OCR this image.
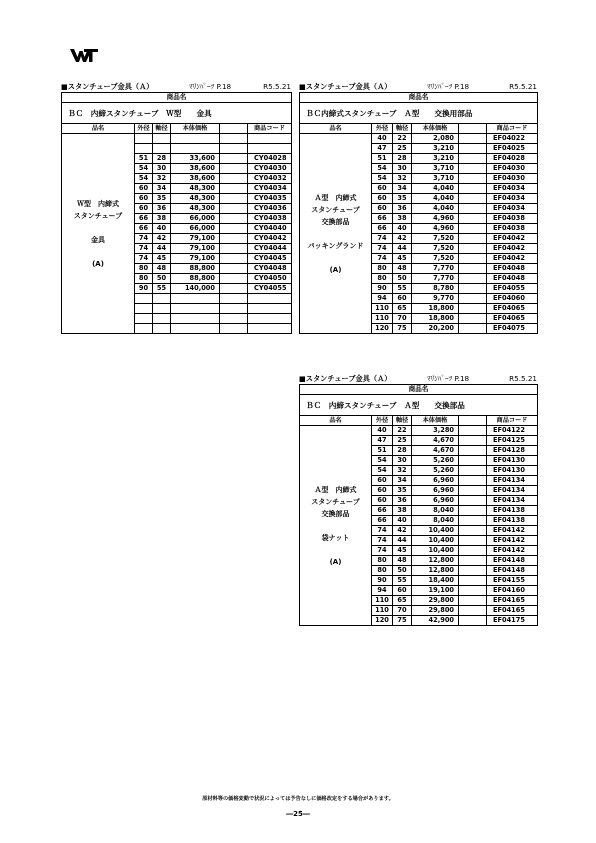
■スタンチューブ金具（Ａ）	ﾏﾘﾝﾊﾟｰﾂ P.18	R5.5.21
商品名					
ＢＣ　内締スタンチューブ　Ｗ型　　金具					
品名	外径	軸径	本体価格		商品コード

Ｗ型　内締式
スタンチューブ
金具
(A)					

	51	28	33,600		CY04028
	54	30	38,600		CY04030
	54	32	38,600		CY04032
	60	34	48,300		CY04034
	60	35	48,300		CY04035
	60	36	48,300		CY04036
	66	38	66,000		CY04038
	66	40	66,000		CY04040
	74	42	79,100		CY04042
	74	44	79,100		CY04044
	74	45	79,100		CY04045
	80	48	88,800		CY04048
	80	50	88,800		CY04050
	90	55	140,000		CY04055

■スタンチューブ金具（Ａ）	ﾏﾘﾝﾊﾟｰﾂ P.18	R5.5.21
商品名					
ＢＣ内締式スタンチューブ　Ａ型　　交換用部品					
品名	外径	軸径	本体価格		商品コード

Ａ型　内締式
スタンチューブ
交換部品
パッキングランド
(A)	40	22	2,080		EF04022
	47	25	3,210		EF04025
	51	28	3,210		EF04028
	54	30	3,710		EF04030
	54	32	3,710		EF04030
	60	34	4,040		EF04034
	60	35	4,040		EF04034
	60	36	4,040		EF04034
	66	38	4,960		EF04038
	66	40	4,960		EF04038
	74	42	7,520		EF04042
	74	44	7,520		EF04042
	74	45	7,520		EF04042
	80	48	7,770		EF04048
	80	50	7,770		EF04048
	90	55	8,780		EF04055
	94	60	9,770		EF04060
	110	65	18,800		EF04065
	110	70	18,800		EF04065
	120	75	20,200		EF04075
■スタンチューブ金具（Ａ）	ﾏﾘﾝﾊﾟｰﾂ P.18	R5.5.21
商品名					
ＢＣ　内締スタンチューブ　Ａ型　　交換部品					
品名	外径	軸径	本体価格		商品コード

Ａ型　内締式
スタンチューブ
交換部品
袋ナット
(A)	40	22	3,280		EF04122
	47	25	4,670		EF04125
	51	28	4,670		EF04128
	54	30	5,260		EF04130
	54	32	5,260		EF04130
	60	34	6,960		EF04134
	60	35	6,960		EF04134
	60	36	6,960		EF04134
	66	38	8,040		EF04138
	66	40	8,040		EF04138
	74	42	10,400		EF04142
	74	44	10,400		EF04142
	74	45	10,400		EF04142
	80	48	12,800		EF04148
	80	50	12,800		EF04148
	90	55	18,400		EF04155
	94	60	19,100		EF04160
	110	65	29,800		EF04165
	110	70	29,800		EF04165
	120	75	42,900		EF04175
原材料等の価格変動で状況によっては予告なしに価格改定をする場合があります。
―25―
